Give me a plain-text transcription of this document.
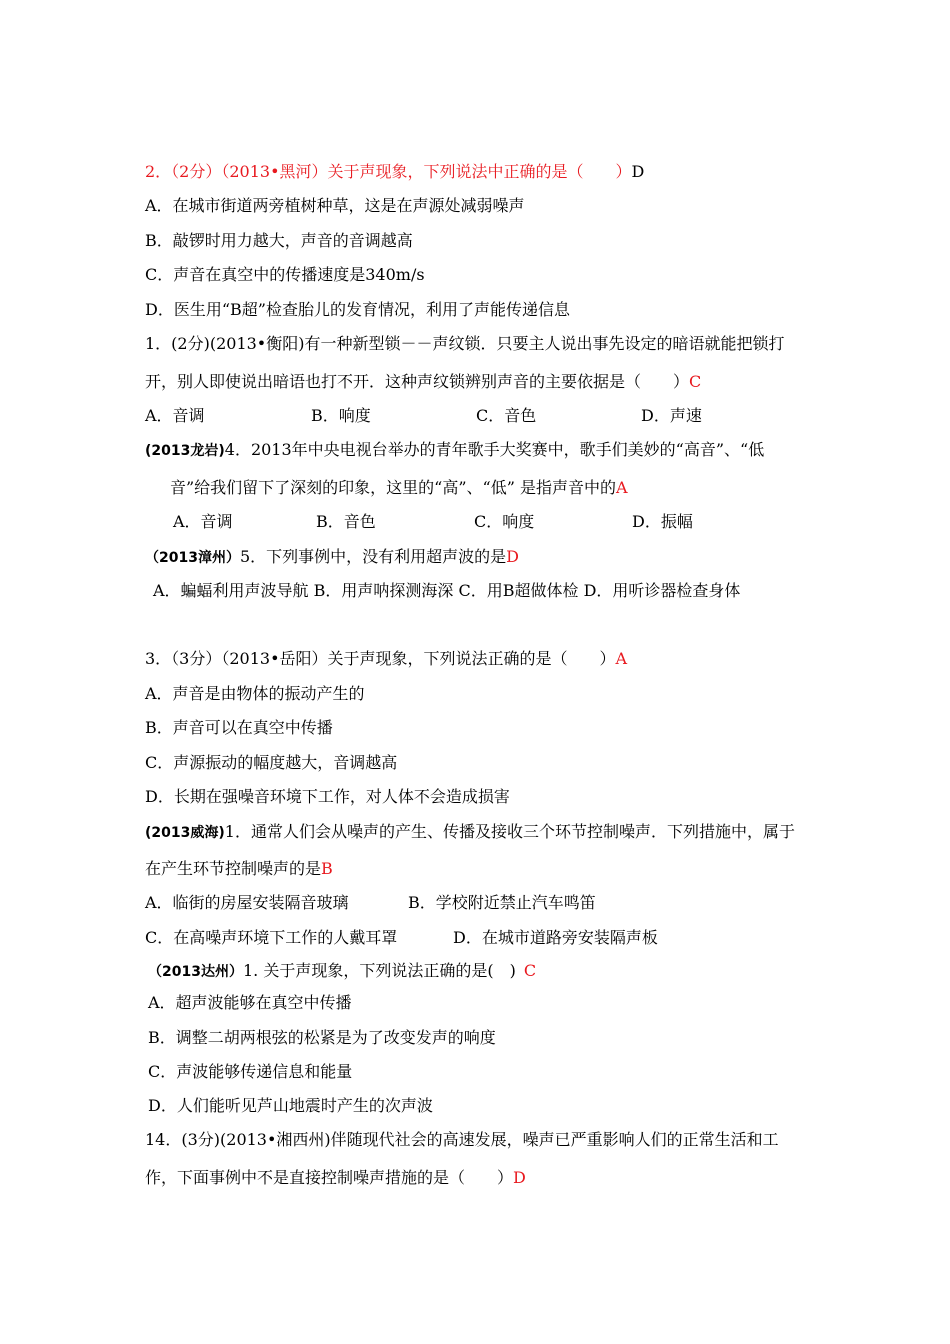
2．（2分）（2013•黑河）关于声现象，下列说法中正确的是（　　）D
A．在城市街道两旁植树种草，这是在声源处减弱噪声
B．敲锣时用力越大，声音的音调越高
C．声音在真空中的传播速度是340m/s
D．医生用“B超”检查胎儿的发育情况，利用了声能传递信息
1．(2分)(2013•衡阳)有一种新型锁－－声纹锁．只要主人说出事先设定的暗语就能把锁打
开，别人即使说出暗语也打不开．这种声纹锁辨别声音的主要依据是（　　）C
A．音调	B．响度	C．音色	D．声速
(2013龙岩)4．2013年中央电视台举办的青年歌手大奖赛中，歌手们美妙的“高音”、“低
音”给我们留下了深刻的印象，这里的“高”、“低” 是指声音中的A
A．音调	B．音色	C．响度	D．振幅
（2013漳州）5．下列事例中，没有利用超声波的是D
A．蝙蝠利用声波导航 B．用声呐探测海深 C．用B超做体检 D．用听诊器检查身体
3．（3分）（2013•岳阳）关于声现象，下列说法正确的是（　　）A
A．声音是由物体的振动产生的
B．声音可以在真空中传播
C．声源振动的幅度越大，音调越高
D．长期在强噪音环境下工作，对人体不会造成损害
(2013威海)1．通常人们会从噪声的产生、传播及接收三个环节控制噪声．下列措施中，属于
在产生环节控制噪声的是B
A．临街的房屋安装隔音玻璃	B．学校附近禁止汽车鸣笛
C．在高噪声环境下工作的人戴耳罩	D．在城市道路旁安装隔声板
（2013达州）1. 关于声现象，下列说法正确的是(　) C
A．超声波能够在真空中传播
B．调整二胡两根弦的松紧是为了改变发声的响度
C．声波能够传递信息和能量
D．人们能听见芦山地震时产生的次声波
14．(3分)(2013•湘西州)伴随现代社会的高速发展，噪声已严重影响人们的正常生活和工
作，下面事例中不是直接控制噪声措施的是（　　）D
